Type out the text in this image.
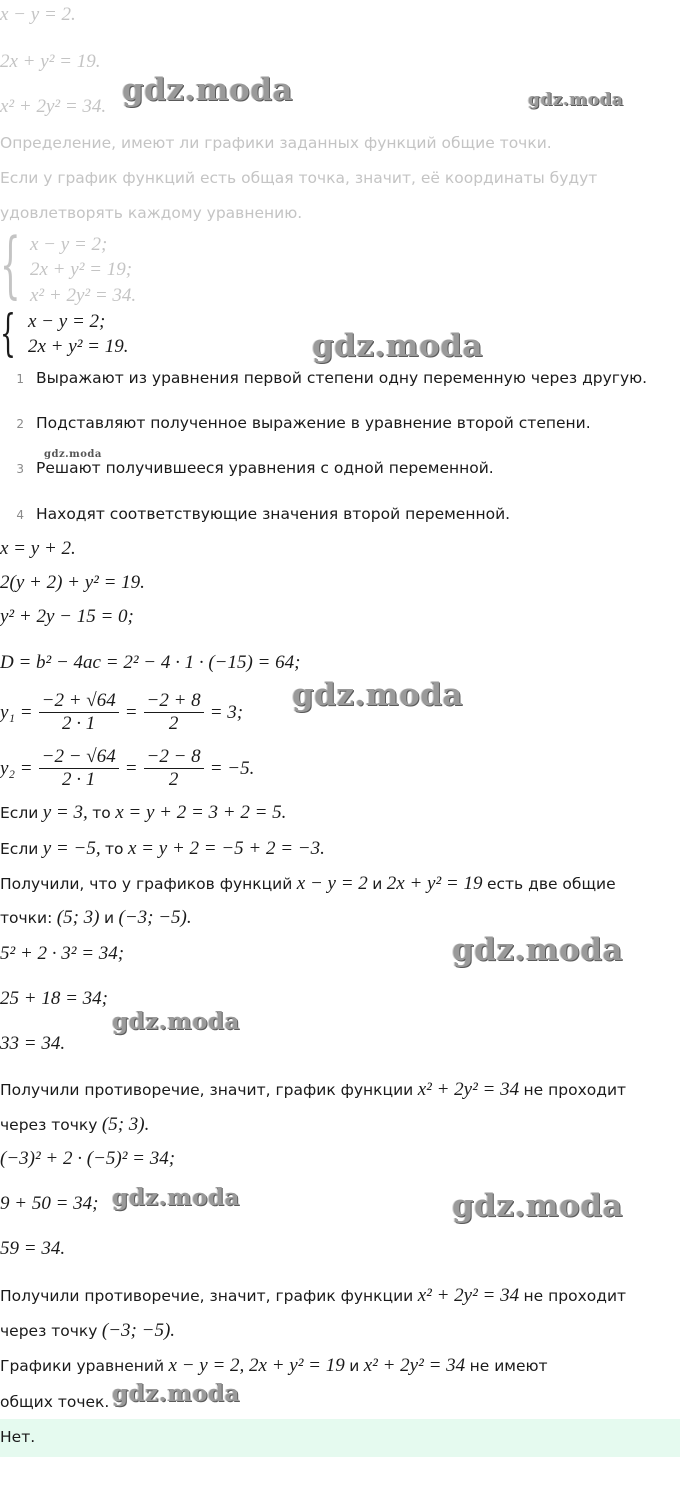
x − y = 2.
2x + y² = 19.
x² + 2y² = 34.
Определение, имеют ли графики заданных функций общие точки.
Если у график функций есть общая точка, значит, её координаты будут
удовлетворять каждому уравнению.
{ x − y = 2;
2x + y² = 19;
x² + 2y² = 34.
{ x − y = 2;
2x + y² = 19.
1 Выражают из уравнения первой степени одну переменную через другую.
2 Подставляют полученное выражение в уравнение второй степени.
3 Решают получившееся уравнения с одной переменной.
4 Находят соответствующие значения второй переменной.
x = y + 2.
2(y + 2) + y² = 19.
y² + 2y − 15 = 0;
D = b² − 4ac = 2² − 4 · 1 · (−15) = 64;
$y_1 = \frac{-2 + √64}{2 \cdot 1} = \frac{-2 + 8}{2} = 3$;
$y_2 = \frac{-2 - √64}{2 \cdot 1} = \frac{-2 - 8}{2} = -5$.
Если y = 3, то x = y + 2 = 3 + 2 = 5.
Если y = −5, то x = y + 2 = −5 + 2 = −3.
Получили, что у графиков функций x − y = 2 и 2x + y² = 19 есть две общие
точки: (5; 3) и (−3; −5).
5² + 2 · 3² = 34;
25 + 18 = 34;
33 = 34.
Получили противоречие, значит, график функции x² + 2y² = 34 не проходит
через точку (5; 3).
(−3)² + 2 · (−5)² = 34;
9 + 50 = 34;
59 = 34.
Получили противоречие, значит, график функции x² + 2y² = 34 не проходит
через точку (−3; −5).
Графики уравнений x − y = 2, 2x + y² = 19 и x² + 2y² = 34 не имеют
общих точек.
Нет.
gdz.moda	gdz.moda
gdz.moda
gdz.moda
gdz.moda
gdz.moda
gdz.moda
gdz.moda	gdz.moda
gdz.moda
